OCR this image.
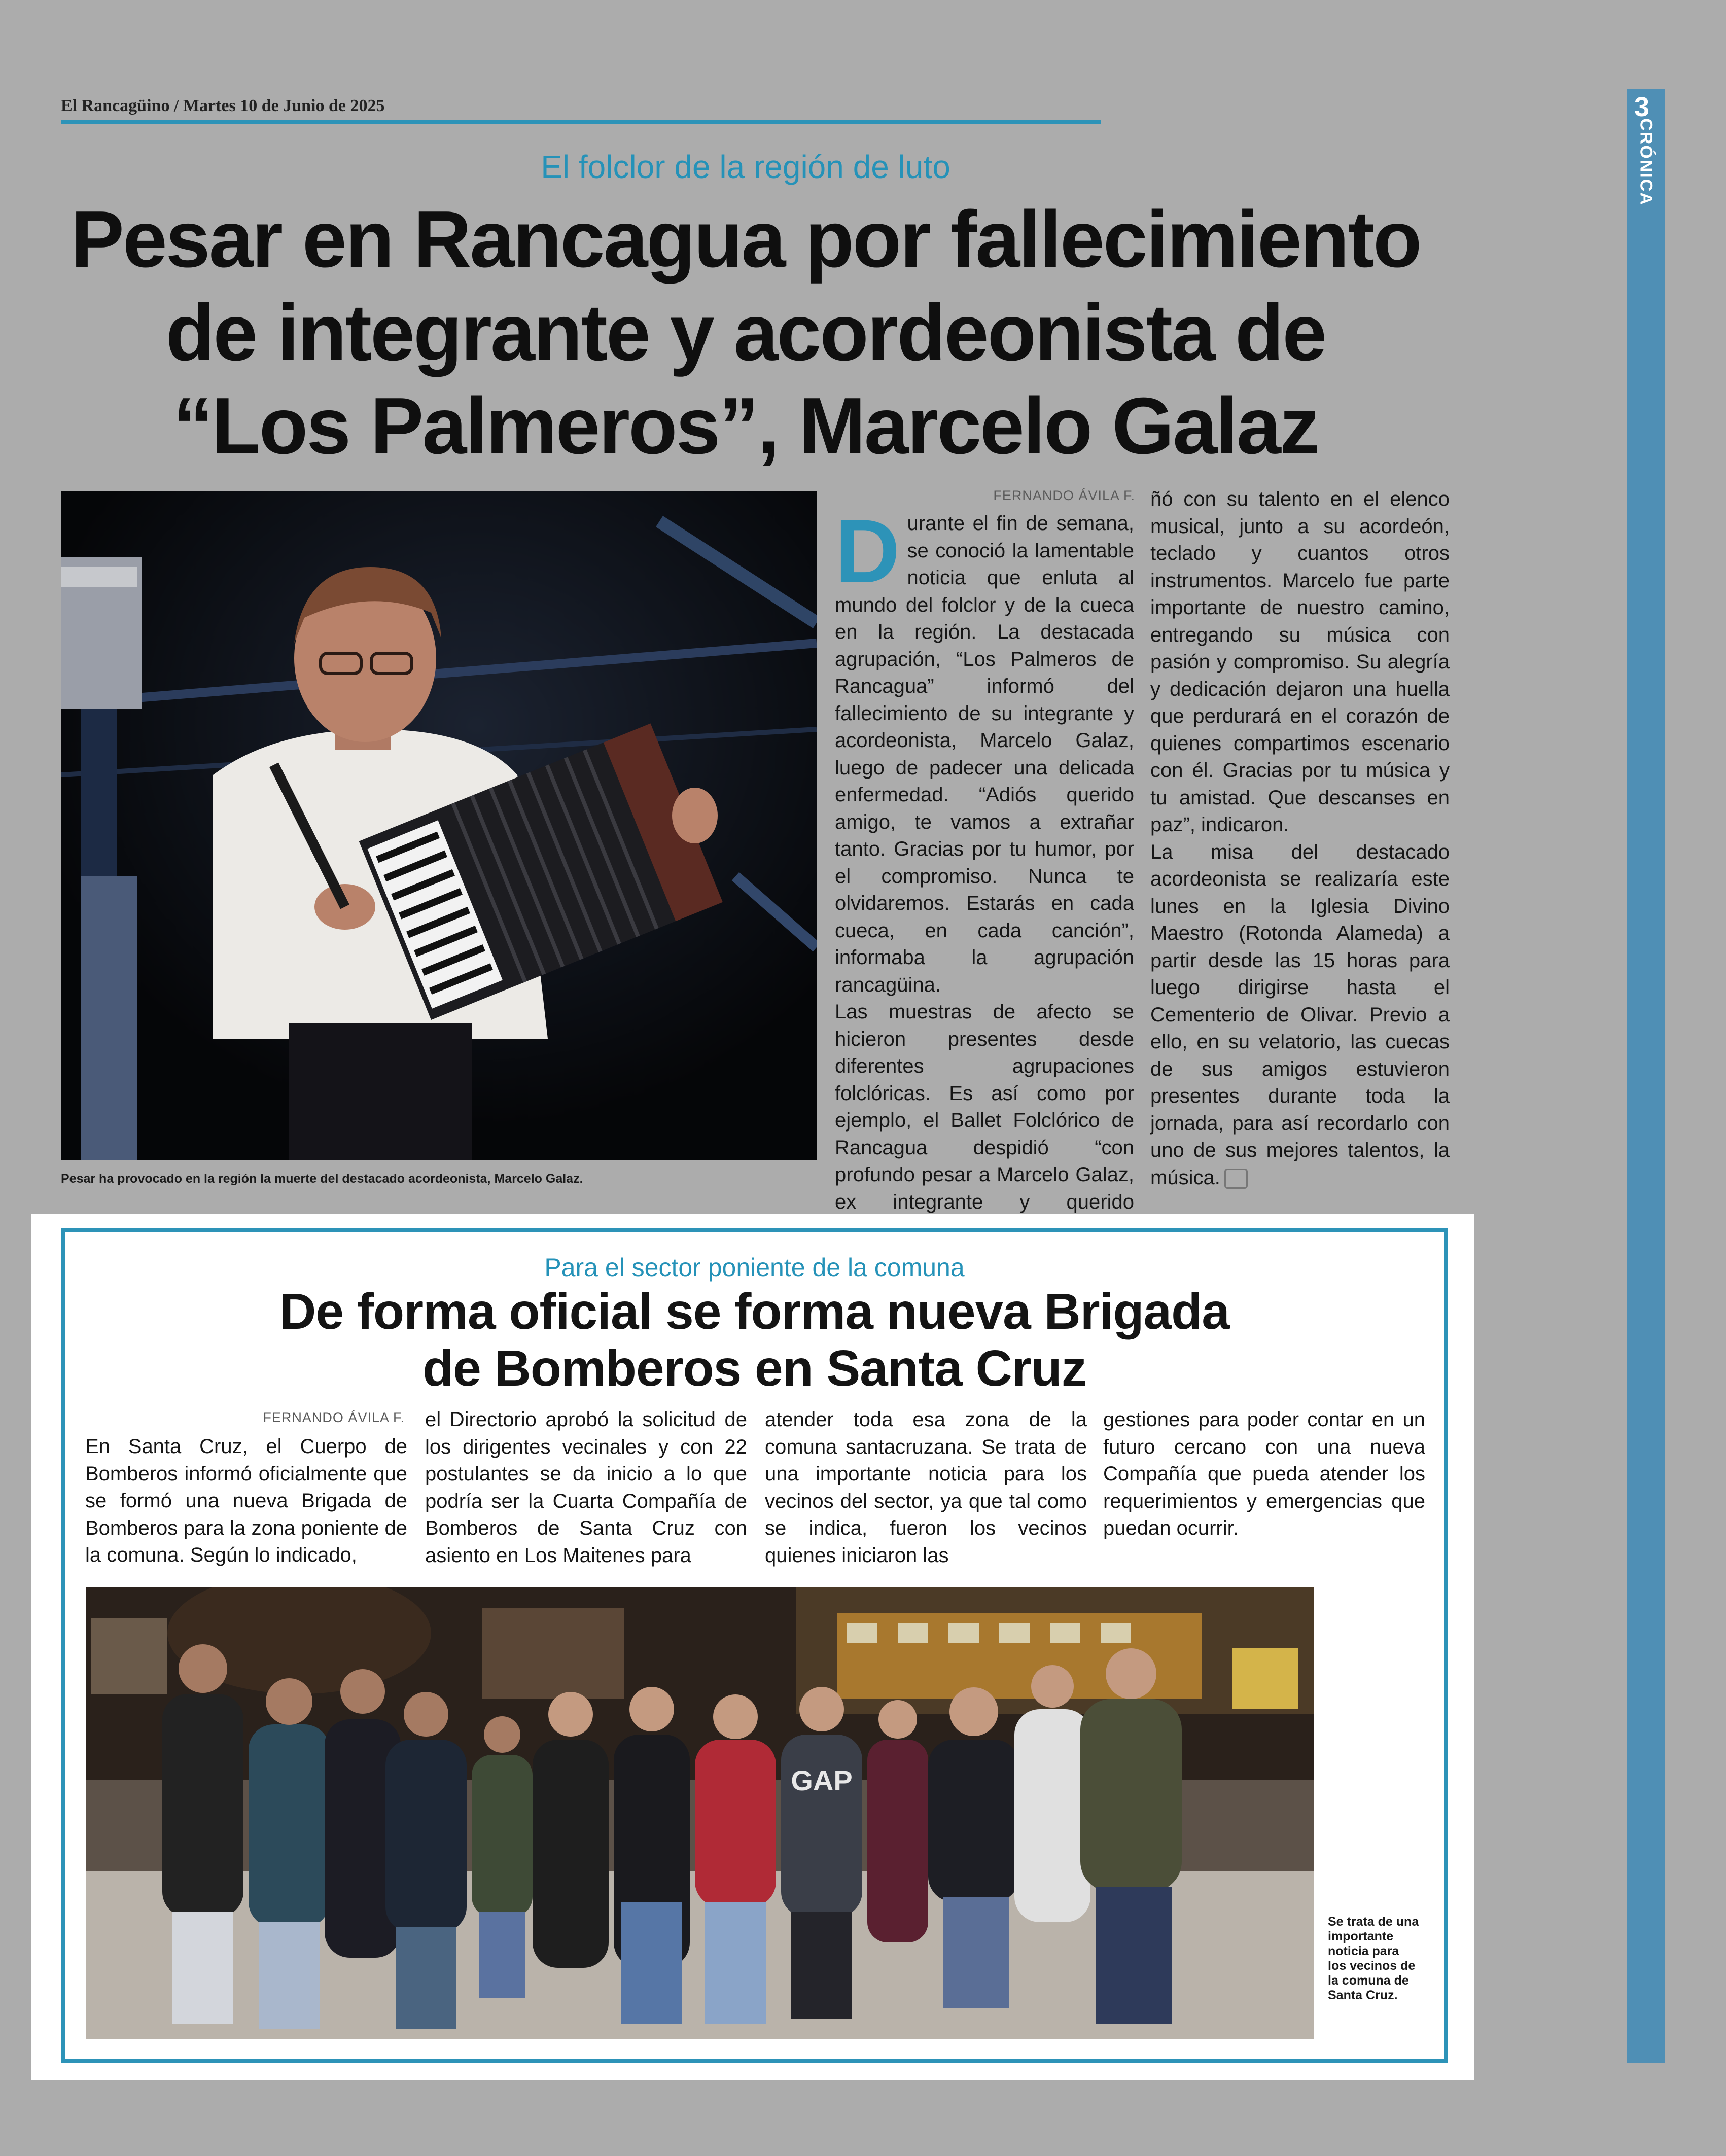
El Rancagüino / Martes 10 de Junio de 2025	3
CRÓNICA
El folclor de la región de luto
Pesar en Rancagua por fallecimiento
de integrante y acordeonista de
“Los Palmeros”, Marcelo Galaz
Pesar ha provocado en la región la muerte del destacado acordeonista, Marcelo Galaz.
FERNANDO ÁVILA F.

Durante el fin de semana, se conoció la lamentable noticia que enluta al mundo del folclor y de la cueca en la región. La destacada agrupación, “Los Palmeros de Rancagua” informó del fallecimiento de su integrante y acordeonista, Marcelo Galaz, luego de padecer una delicada enfermedad. “Adiós querido amigo, te vamos a extrañar tanto. Gracias por tu humor, por el compromiso. Nunca te olvidaremos. Estarás en cada cueca, en cada canción”, informaba la agrupación rancagüina.

Las muestras de afecto se hicieron presentes desde diferentes agrupaciones folclóricas. Es así como por ejemplo, el Ballet Folclórico de Rancagua despidió “con profundo pesar a Marcelo Galaz, ex integrante y querido

ñó con su talento en el elenco musical, junto a su acordeón, teclado y cuantos otros instrumentos. Marcelo fue parte importante de nuestro camino, entregando su música con pasión y compromiso. Su alegría y dedicación dejaron una huella que perdurará en el corazón de quienes compartimos escenario con él. Gracias por tu música y tu amistad. Que descanses en paz”, indicaron.

La misa del destacado acordeonista se realizaría este lunes en la Iglesia Divino Maestro (Rotonda Alameda) a partir desde las 15 horas para luego dirigirse hasta el Cementerio de Olivar. Previo a ello, en su velatorio, las cuecas de sus amigos estuvieron presentes durante toda la jornada, para así recordarlo con uno de sus mejores talentos, la música.

Para el sector poniente de la comuna
De forma oficial se forma nueva Brigada
de Bomberos en Santa Cruz
FERNANDO ÁVILA F.
En Santa Cruz, el Cuerpo de Bomberos informó oficialmente que se formó una nueva Brigada de Bomberos para la zona poniente de la comuna. Según lo indicado,
el Directorio aprobó la solicitud de los dirigentes vecinales y con 22 postulantes se da inicio a lo que podría ser la Cuarta Compañía de Bomberos de Santa Cruz con asiento en Los Maitenes para
atender toda esa zona de la comuna santacruzana. Se trata de una importante noticia para los vecinos del sector, ya que tal como se indica, fueron los vecinos quienes iniciaron las
gestiones para poder contar en un futuro cercano con una nueva Compañía que pueda atender los requerimientos y emergencias que puedan ocurrir.
GAP
Se trata de una importante noticia para los vecinos de la comuna de Santa Cruz.
